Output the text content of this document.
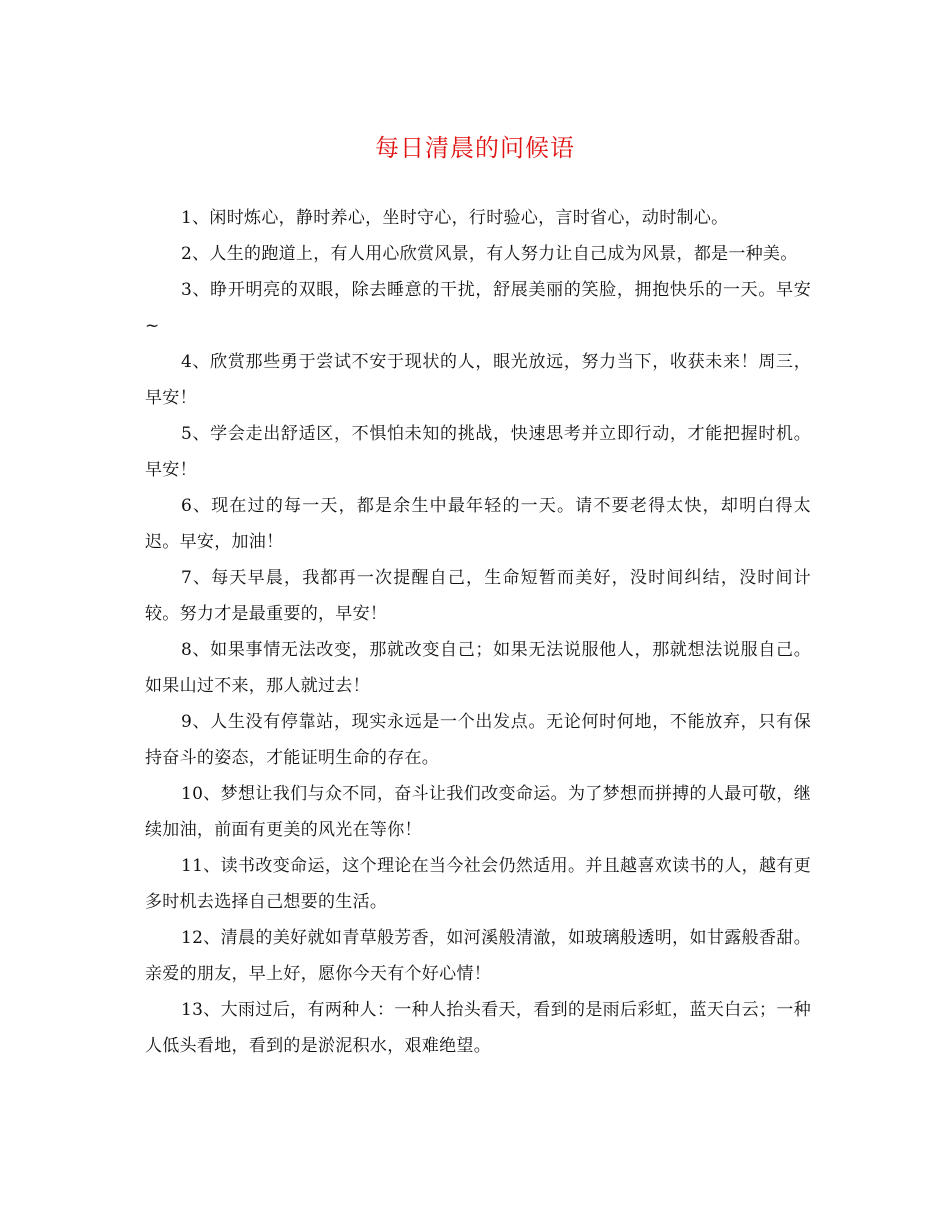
每日清晨的问候语

1、闲时炼心，静时养心，坐时守心，行时验心，言时省心，动时制心。

2、人生的跑道上，有人用心欣赏风景，有人努力让自己成为风景，都是一种美。

3、睁开明亮的双眼，除去睡意的干扰，舒展美丽的笑脸，拥抱快乐的一天。早安~

4、欣赏那些勇于尝试不安于现状的人，眼光放远，努力当下，收获未来！周三，早安！

5、学会走出舒适区，不惧怕未知的挑战，快速思考并立即行动，才能把握时机。早安！

6、现在过的每一天，都是余生中最年轻的一天。请不要老得太快，却明白得太迟。早安，加油！

7、每天早晨，我都再一次提醒自己，生命短暂而美好，没时间纠结，没时间计较。努力才是最重要的，早安！

8、如果事情无法改变，那就改变自己；如果无法说服他人，那就想法说服自己。如果山过不来，那人就过去！

9、人生没有停靠站，现实永远是一个出发点。无论何时何地，不能放弃，只有保持奋斗的姿态，才能证明生命的存在。

10、梦想让我们与众不同，奋斗让我们改变命运。为了梦想而拼搏的人最可敬，继续加油，前面有更美的风光在等你！

11、读书改变命运，这个理论在当今社会仍然适用。并且越喜欢读书的人，越有更多时机去选择自己想要的生活。

12、清晨的美好就如青草般芳香，如河溪般清澈，如玻璃般透明，如甘露般香甜。亲爱的朋友，早上好，愿你今天有个好心情！

13、大雨过后，有两种人：一种人抬头看天，看到的是雨后彩虹，蓝天白云；一种人低头看地，看到的是淤泥积水，艰难绝望。
